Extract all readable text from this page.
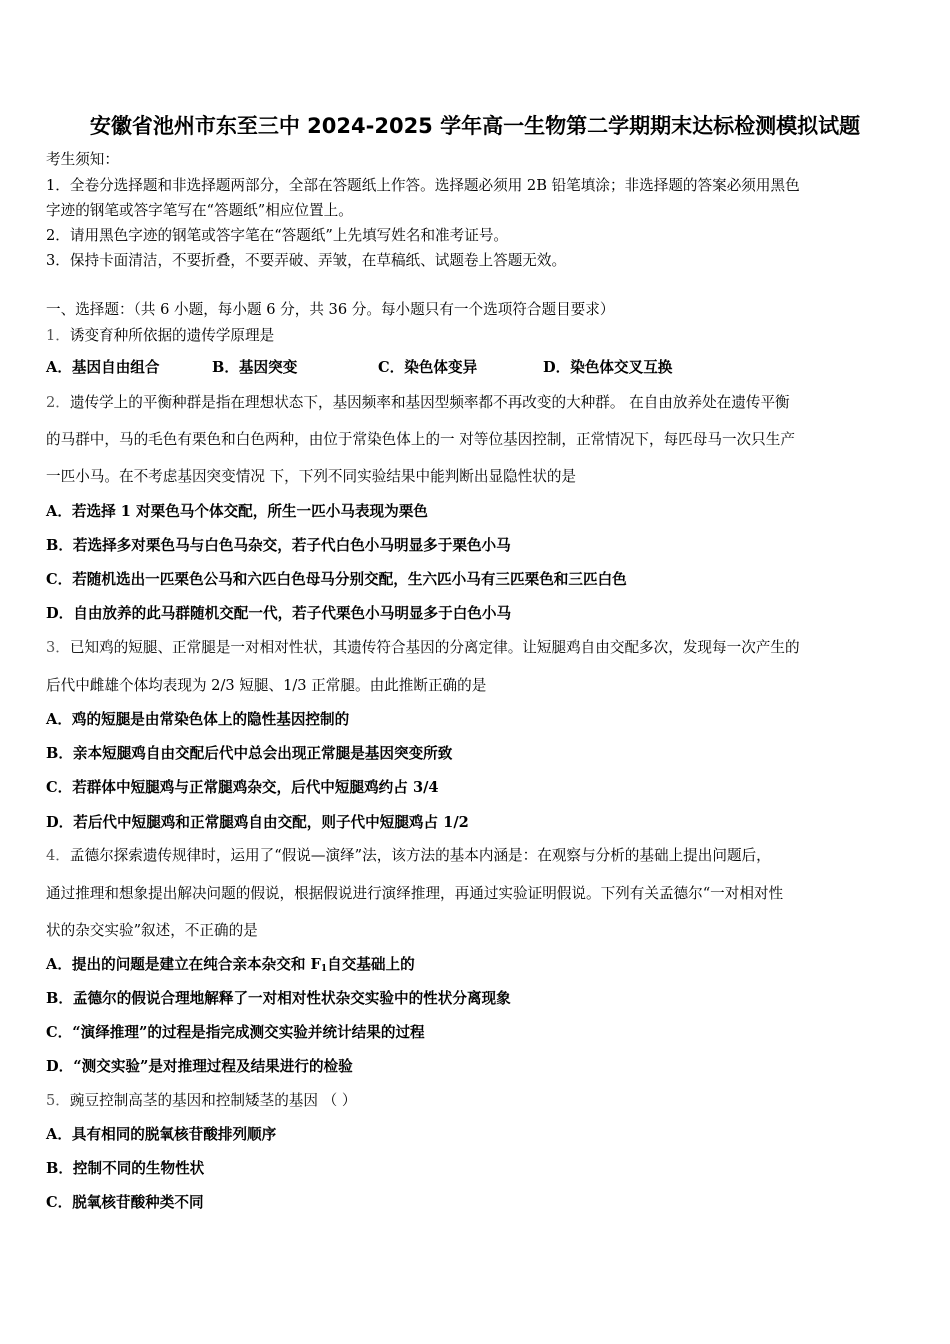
安徽省池州市东至三中 2024-2025 学年高一生物第二学期期末达标检测模拟试题
考生须知：
1．全卷分选择题和非选择题两部分，全部在答题纸上作答。选择题必须用 2B 铅笔填涂；非选择题的答案必须用黑色
字迹的钢笔或答字笔写在“答题纸”相应位置上。
2．请用黑色字迹的钢笔或答字笔在“答题纸”上先填写姓名和准考证号。
3．保持卡面清洁，不要折叠，不要弄破、弄皱，在草稿纸、试题卷上答题无效。
一、选择题：（共 6 小题，每小题 6 分，共 36 分。每小题只有一个选项符合题目要求）
1．诱变育种所依据的遗传学原理是
A．基因自由组合	B．基因突变	C．染色体变异	D．染色体交叉互换
2．遗传学上的平衡种群是指在理想状态下，基因频率和基因型频率都不再改变的大种群。 在自由放养处在遗传平衡
的马群中，马的毛色有栗色和白色两种，由位于常染色体上的一 对等位基因控制，正常情况下，每匹母马一次只生产
一匹小马。在不考虑基因突变情况 下，下列不同实验结果中能判断出显隐性状的是
A．若选择 1 对栗色马个体交配，所生一匹小马表现为栗色
B．若选择多对栗色马与白色马杂交，若子代白色小马明显多于栗色小马
C．若随机选出一匹栗色公马和六匹白色母马分别交配，生六匹小马有三匹栗色和三匹白色
D．自由放养的此马群随机交配一代，若子代栗色小马明显多于白色小马
3．已知鸡的短腿、正常腿是一对相对性状，其遗传符合基因的分离定律。让短腿鸡自由交配多次，发现每一次产生的
后代中雌雄个体均表现为 2/3 短腿、1/3 正常腿。由此推断正确的是
A．鸡的短腿是由常染色体上的隐性基因控制的
B．亲本短腿鸡自由交配后代中总会出现正常腿是基因突变所致
C．若群体中短腿鸡与正常腿鸡杂交，后代中短腿鸡约占 3/4
D．若后代中短腿鸡和正常腿鸡自由交配，则子代中短腿鸡占 1/2
4．孟德尔探索遗传规律时，运用了“假说—演绎”法，该方法的基本内涵是：在观察与分析的基础上提出问题后，
通过推理和想象提出解决问题的假说，根据假说进行演绎推理，再通过实验证明假说。下列有关孟德尔“一对相对性
状的杂交实验”叙述，不正确的是
A．提出的问题是建立在纯合亲本杂交和 $F_1$自交基础上的
B．孟德尔的假说合理地解释了一对相对性状杂交实验中的性状分离现象
C．“演绎推理”的过程是指完成测交实验并统计结果的过程
D．“测交实验”是对推理过程及结果进行的检验
5．豌豆控制高茎的基因和控制矮茎的基因 （ ）
A．具有相同的脱氧核苷酸排列顺序
B．控制不同的生物性状
C．脱氧核苷酸种类不同
